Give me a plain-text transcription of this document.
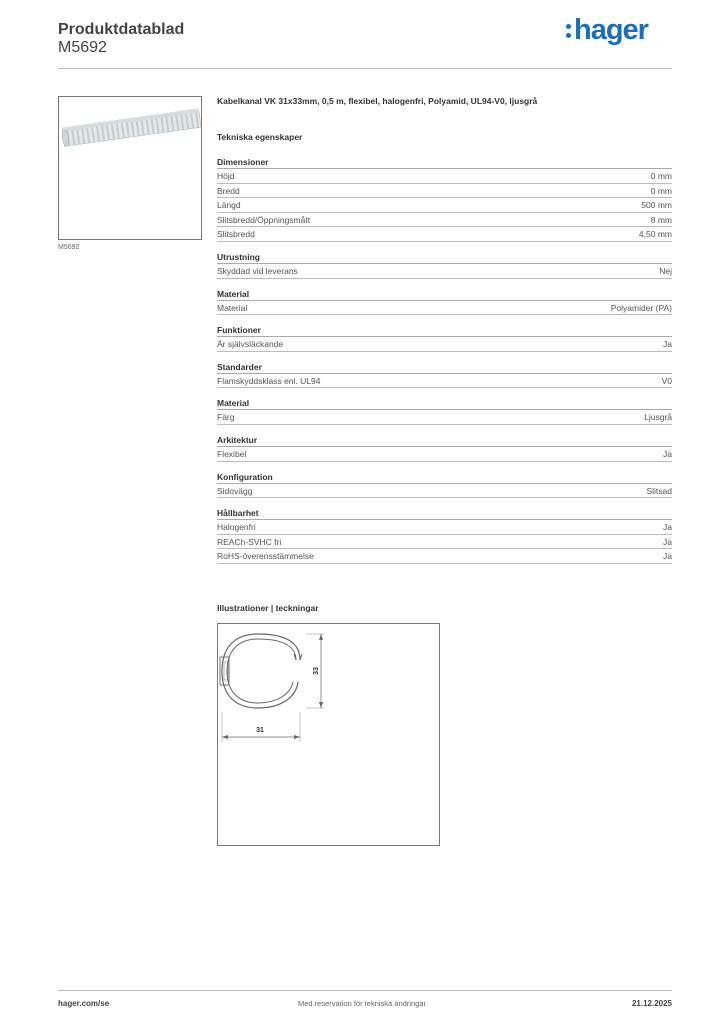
Produktdatablad
M5692
hager
M5692
Kabelkanal VK 31x33mm, 0,5 m, flexibel, halogenfri, Polyamid, UL94-V0, ljusgrå
Tekniska egenskaper
Dimensioner
Höjd	0 mm
Bredd	0 mm
Längd	500 mm
Slitsbredd/Öppningsmått	8 mm
Slitsbredd	4,50 mm
Utrustning
Skyddad vid leverans	Nej
Material
Material	Polyamider (PA)
Funktioner
Är självsläckande	Ja
Standarder
Flamskyddsklass enl. UL94	V0
Material
Färg	Ljusgrå
Arkitektur
Flexibel	Ja
Konfiguration
Sidovägg	Slitsad
Hållbarhet
Halogenfri	Ja
REACh-SVHC fri	Ja
RoHS-överensstämmelse	Ja
Illustrationer | teckningar
33
31
hager.com/se	Med reservation för tekniska ändringar	21.12.2025
